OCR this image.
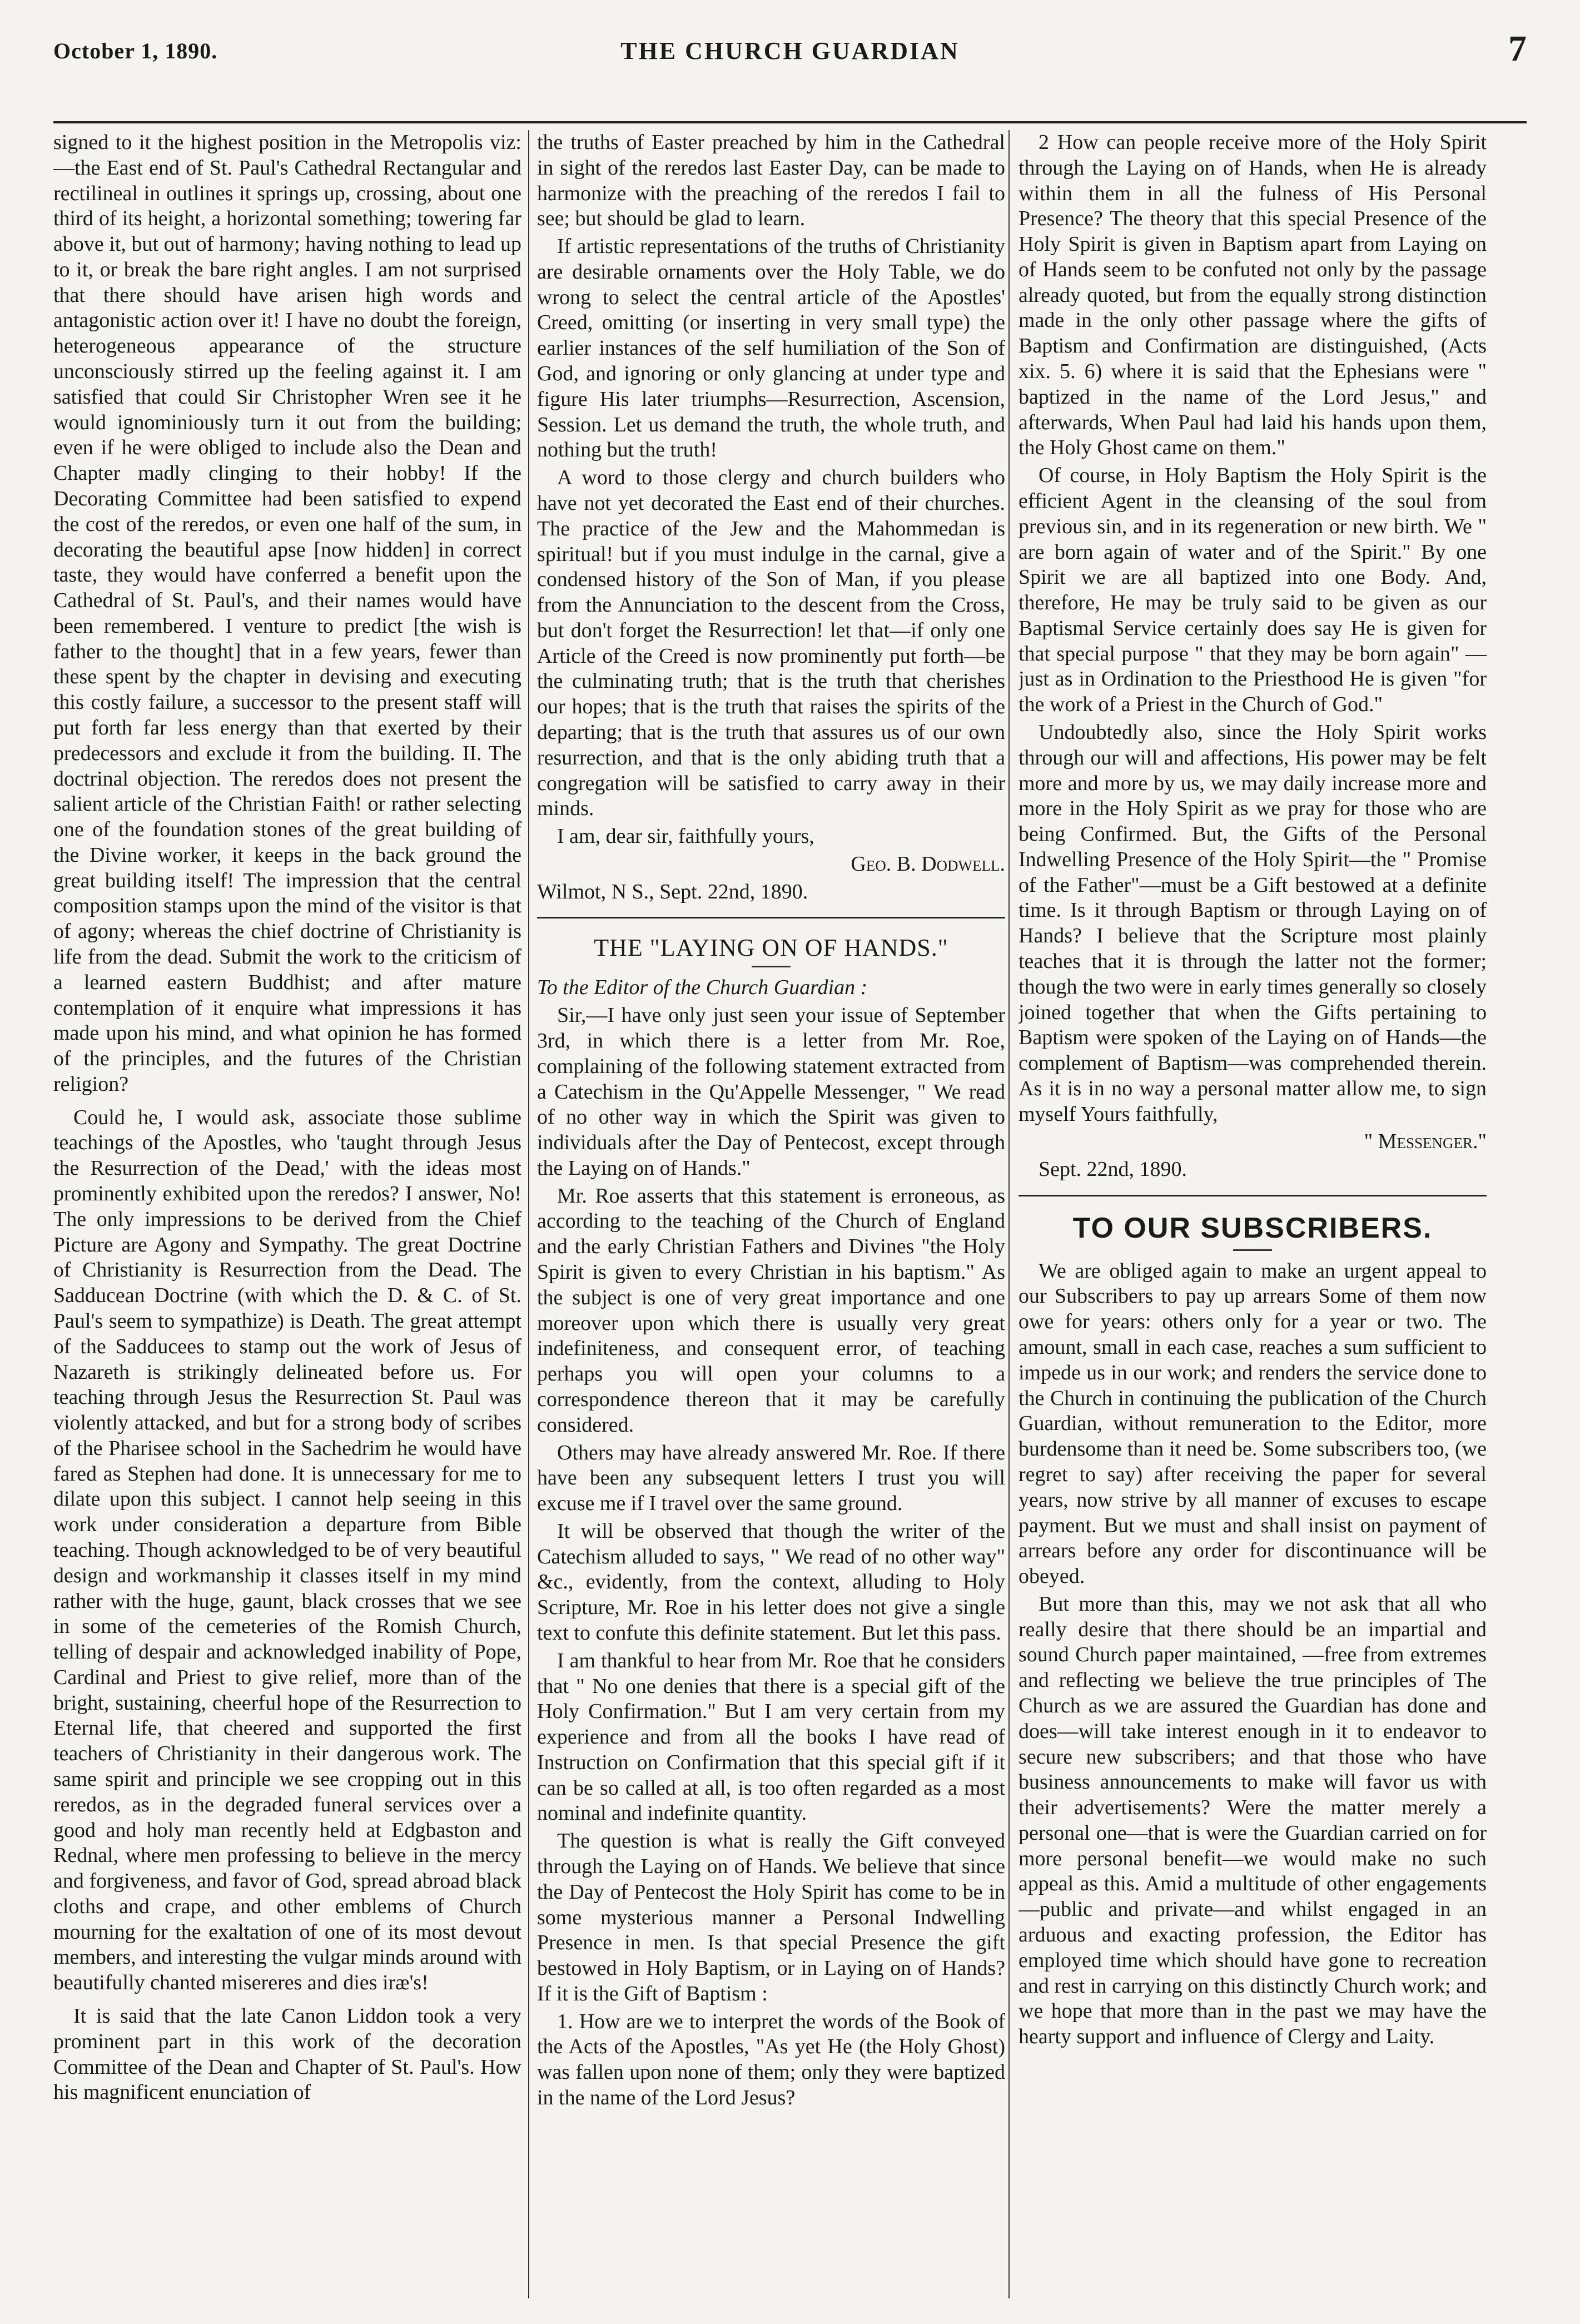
October 1, 1890.	THE CHURCH GUARDIAN	7

signed to it the highest position in the Metropolis viz:—the East end of St. Paul's Cathedral Rectangular and rectilineal in outlines it springs up, crossing, about one third of its height, a horizontal something; towering far above it, but out of harmony; having nothing to lead up to it, or break the bare right angles. I am not surprised that there should have arisen high words and antagonistic action over it! I have no doubt the foreign, heterogeneous appearance of the structure unconsciously stirred up the feeling against it. I am satisfied that could Sir Christopher Wren see it he would ignominiously turn it out from the building; even if he were obliged to include also the Dean and Chapter madly clinging to their hobby! If the Decorating Committee had been satisfied to expend the cost of the reredos, or even one half of the sum, in decorating the beautiful apse [now hidden] in correct taste, they would have conferred a benefit upon the Cathedral of St. Paul's, and their names would have been remembered. I venture to predict [the wish is father to the thought] that in a few years, fewer than these spent by the chapter in devising and executing this costly failure, a successor to the present staff will put forth far less energy than that exerted by their predecessors and exclude it from the building. II. The doctrinal objection. The reredos does not present the salient article of the Christian Faith! or rather selecting one of the foundation stones of the great building of the Divine worker, it keeps in the back ground the great building itself! The impression that the central composition stamps upon the mind of the visitor is that of agony; whereas the chief doctrine of Christianity is life from the dead. Submit the work to the criticism of a learned eastern Buddhist; and after mature contemplation of it enquire what impressions it has made upon his mind, and what opinion he has formed of the principles, and the futures of the Christian religion?

Could he, I would ask, associate those sublime teachings of the Apostles, who 'taught through Jesus the Resurrection of the Dead,' with the ideas most prominently exhibited upon the reredos? I answer, No! The only impressions to be derived from the Chief Picture are Agony and Sympathy. The great Doctrine of Christianity is Resurrection from the Dead. The Sadducean Doctrine (with which the D. & C. of St. Paul's seem to sympathize) is Death. The great attempt of the Sadducees to stamp out the work of Jesus of Nazareth is strikingly delineated before us. For teaching through Jesus the Resurrection St. Paul was violently attacked, and but for a strong body of scribes of the Pharisee school in the Sachedrim he would have fared as Stephen had done. It is unnecessary for me to dilate upon this subject. I cannot help seeing in this work under consideration a departure from Bible teaching. Though acknowledged to be of very beautiful design and workmanship it classes itself in my mind rather with the huge, gaunt, black crosses that we see in some of the cemeteries of the Romish Church, telling of despair and acknowledged inability of Pope, Cardinal and Priest to give relief, more than of the bright, sustaining, cheerful hope of the Resurrection to Eternal life, that cheered and supported the first teachers of Christianity in their dangerous work. The same spirit and principle we see cropping out in this reredos, as in the degraded funeral services over a good and holy man recently held at Edgbaston and Rednal, where men professing to believe in the mercy and forgiveness, and favor of God, spread abroad black cloths and crape, and other emblems of Church mourning for the exaltation of one of its most devout members, and interesting the vulgar minds around with beautifully chanted misereres and dies iræ's!

It is said that the late Canon Liddon took a very prominent part in this work of the decoration Committee of the Dean and Chapter of St. Paul's. How his magnificent enunciation of

the truths of Easter preached by him in the Cathedral in sight of the reredos last Easter Day, can be made to harmonize with the preaching of the reredos I fail to see; but should be glad to learn.

If artistic representations of the truths of Christianity are desirable ornaments over the Holy Table, we do wrong to select the central article of the Apostles' Creed, omitting (or inserting in very small type) the earlier instances of the self humiliation of the Son of God, and ignoring or only glancing at under type and figure His later triumphs—Resurrection, Ascension, Session. Let us demand the truth, the whole truth, and nothing but the truth!

A word to those clergy and church builders who have not yet decorated the East end of their churches. The practice of the Jew and the Mahommedan is spiritual! but if you must indulge in the carnal, give a condensed history of the Son of Man, if you please from the Annunciation to the descent from the Cross, but don't forget the Resurrection! let that—if only one Article of the Creed is now prominently put forth—be the culminating truth; that is the truth that cherishes our hopes; that is the truth that raises the spirits of the departing; that is the truth that assures us of our own resurrection, and that is the only abiding truth that a congregation will be satisfied to carry away in their minds.

I am, dear sir, faithfully yours,

Geo. B. Dodwell.

Wilmot, N S., Sept. 22nd, 1890.

THE "LAYING ON OF HANDS."

To the Editor of the Church Guardian :

Sir,—I have only just seen your issue of September 3rd, in which there is a letter from Mr. Roe, complaining of the following statement extracted from a Catechism in the Qu'Appelle Messenger, " We read of no other way in which the Spirit was given to individuals after the Day of Pentecost, except through the Laying on of Hands."

Mr. Roe asserts that this statement is erroneous, as according to the teaching of the Church of England and the early Christian Fathers and Divines "the Holy Spirit is given to every Christian in his baptism." As the subject is one of very great importance and one moreover upon which there is usually very great indefiniteness, and consequent error, of teaching perhaps you will open your columns to a correspondence thereon that it may be carefully considered.

Others may have already answered Mr. Roe. If there have been any subsequent letters I trust you will excuse me if I travel over the same ground.

It will be observed that though the writer of the Catechism alluded to says, " We read of no other way" &c., evidently, from the context, alluding to Holy Scripture, Mr. Roe in his letter does not give a single text to confute this definite statement. But let this pass.

I am thankful to hear from Mr. Roe that he considers that " No one denies that there is a special gift of the Holy Confirmation." But I am very certain from my experience and from all the books I have read of Instruction on Confirmation that this special gift if it can be so called at all, is too often regarded as a most nominal and indefinite quantity.

The question is what is really the Gift conveyed through the Laying on of Hands. We believe that since the Day of Pentecost the Holy Spirit has come to be in some mysterious manner a Personal Indwelling Presence in men. Is that special Presence the gift bestowed in Holy Baptism, or in Laying on of Hands? If it is the Gift of Baptism :

1. How are we to interpret the words of the Book of the Acts of the Apostles, "As yet He (the Holy Ghost) was fallen upon none of them; only they were baptized in the name of the Lord Jesus?

2 How can people receive more of the Holy Spirit through the Laying on of Hands, when He is already within them in all the fulness of His Personal Presence? The theory that this special Presence of the Holy Spirit is given in Baptism apart from Laying on of Hands seem to be confuted not only by the passage already quoted, but from the equally strong distinction made in the only other passage where the gifts of Baptism and Confirmation are distinguished, (Acts xix. 5. 6) where it is said that the Ephesians were " baptized in the name of the Lord Jesus," and afterwards, When Paul had laid his hands upon them, the Holy Ghost came on them."

Of course, in Holy Baptism the Holy Spirit is the efficient Agent in the cleansing of the soul from previous sin, and in its regeneration or new birth. We " are born again of water and of the Spirit." By one Spirit we are all baptized into one Body. And, therefore, He may be truly said to be given as our Baptismal Service certainly does say He is given for that special purpose " that they may be born again" —just as in Ordination to the Priesthood He is given "for the work of a Priest in the Church of God."

Undoubtedly also, since the Holy Spirit works through our will and affections, His power may be felt more and more by us, we may daily increase more and more in the Holy Spirit as we pray for those who are being Confirmed. But, the Gifts of the Personal Indwelling Presence of the Holy Spirit—the " Promise of the Father"—must be a Gift bestowed at a definite time. Is it through Baptism or through Laying on of Hands? I believe that the Scripture most plainly teaches that it is through the latter not the former; though the two were in early times generally so closely joined together that when the Gifts pertaining to Baptism were spoken of the Laying on of Hands—the complement of Baptism—was comprehended therein. As it is in no way a personal matter allow me, to sign myself Yours faithfully,

" Messenger."

Sept. 22nd, 1890.

TO OUR SUBSCRIBERS.

We are obliged again to make an urgent appeal to our Subscribers to pay up arrears Some of them now owe for years: others only for a year or two. The amount, small in each case, reaches a sum sufficient to impede us in our work; and renders the service done to the Church in continuing the publication of the Church Guardian, without remuneration to the Editor, more burdensome than it need be. Some subscribers too, (we regret to say) after receiving the paper for several years, now strive by all manner of excuses to escape payment. But we must and shall insist on payment of arrears before any order for discontinuance will be obeyed.

But more than this, may we not ask that all who really desire that there should be an impartial and sound Church paper maintained, —free from extremes and reflecting we believe the true principles of The Church as we are assured the Guardian has done and does—will take interest enough in it to endeavor to secure new subscribers; and that those who have business announcements to make will favor us with their advertisements? Were the matter merely a personal one—that is were the Guardian carried on for more personal benefit—we would make no such appeal as this. Amid a multitude of other engagements—public and private—and whilst engaged in an arduous and exacting profession, the Editor has employed time which should have gone to recreation and rest in carrying on this distinctly Church work; and we hope that more than in the past we may have the hearty support and influence of Clergy and Laity.
